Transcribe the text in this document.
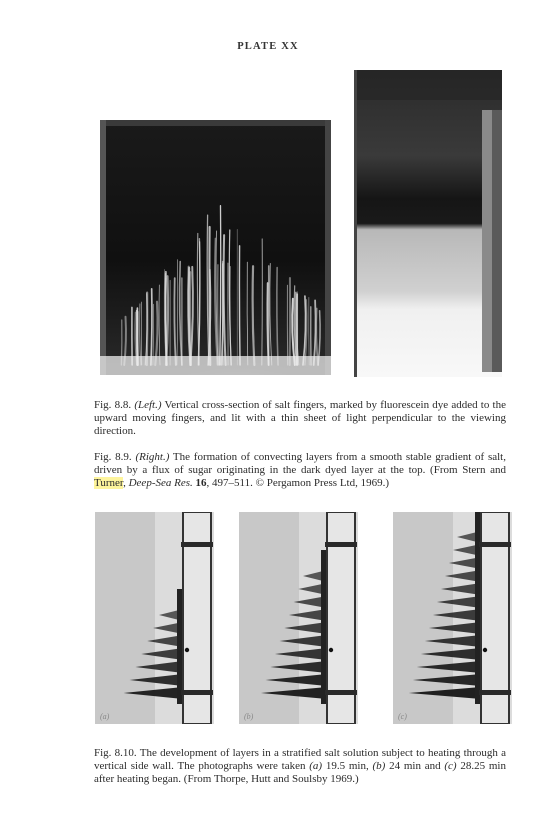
PLATE XX
(a)	(b)	(c)

Fig. 8.8. (Left.) Vertical cross-section of salt fingers, marked by fluorescein dye added to the upward moving fingers, and lit with a thin sheet of light perpendicular to the viewing direction.

Fig. 8.9. (Right.) The formation of convecting layers from a smooth stable gradient of salt, driven by a flux of sugar originating in the dark dyed layer at the top. (From Stern and Turner, Deep-Sea Res. 16, 497–511. © Pergamon Press Ltd, 1969.)

Fig. 8.10. The development of layers in a stratified salt solution subject to heating through a vertical side wall. The photographs were taken (a) 19.5 min, (b) 24 min and (c) 28.25 min after heating began. (From Thorpe, Hutt and Soulsby 1969.)
